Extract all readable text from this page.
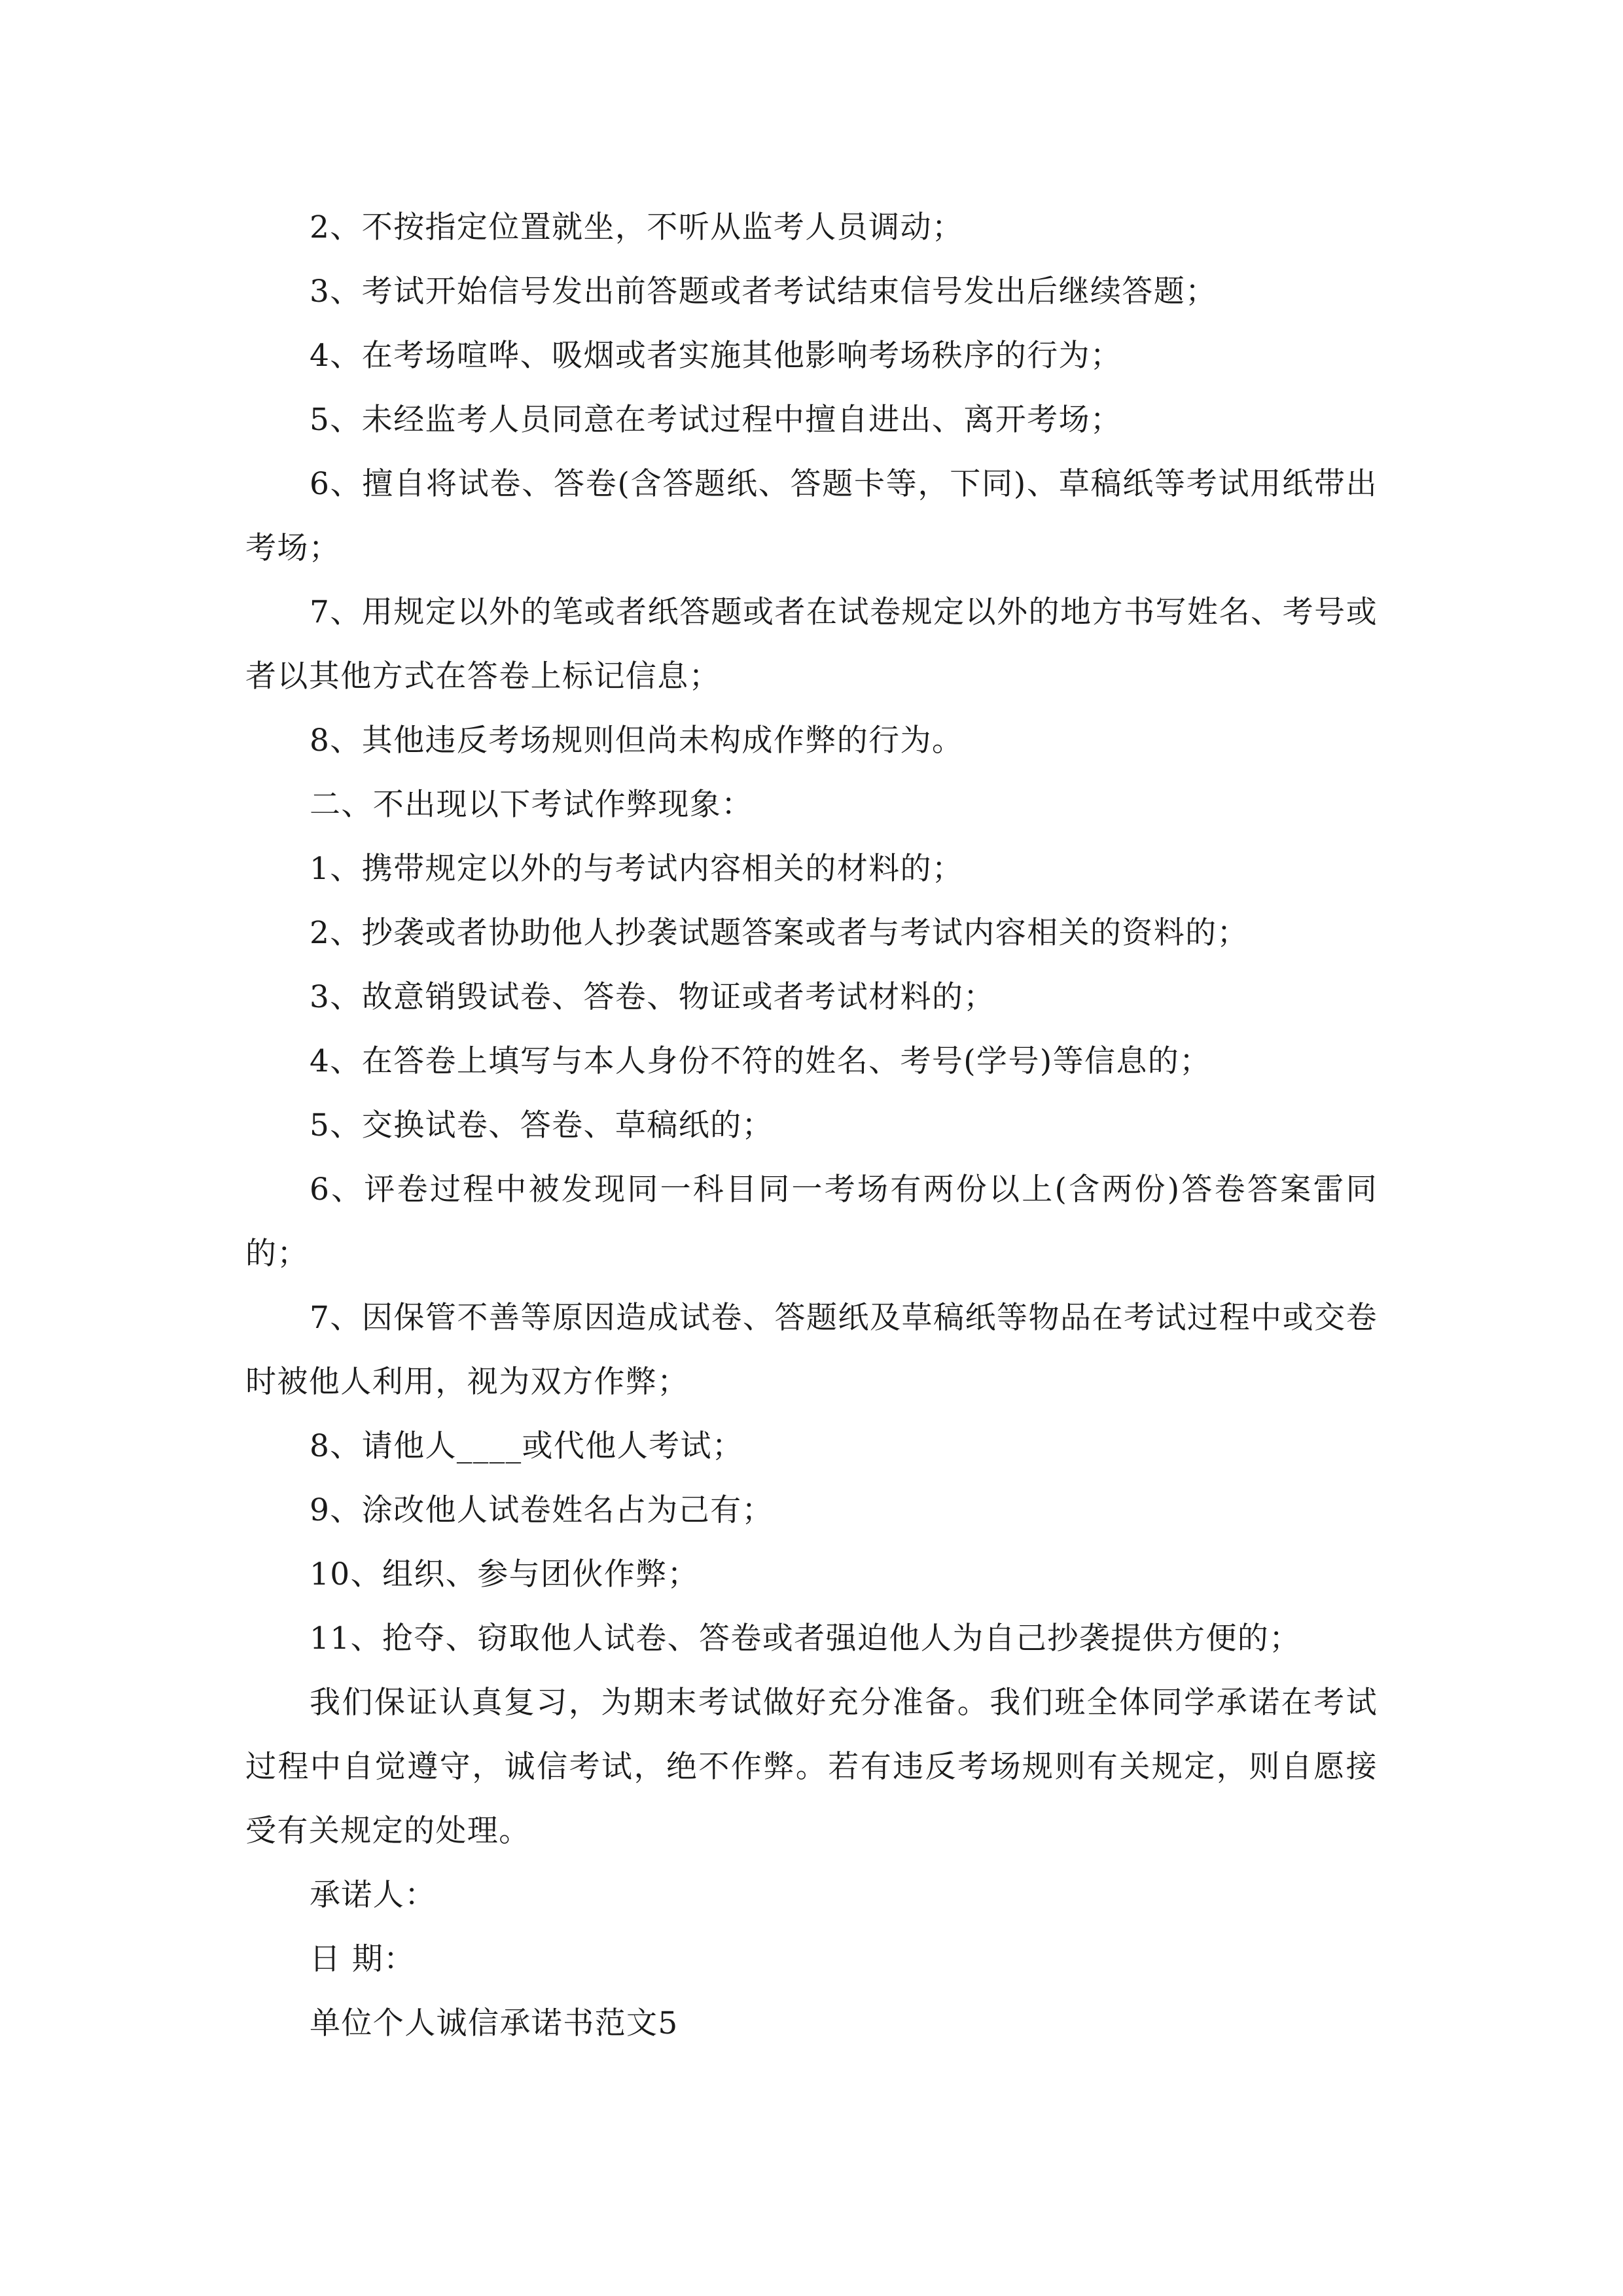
2、不按指定位置就坐，不听从监考人员调动；

3、考试开始信号发出前答题或者考试结束信号发出后继续答题；

4、在考场喧哗、吸烟或者实施其他影响考场秩序的行为；

5、未经监考人员同意在考试过程中擅自进出、离开考场；

6、擅自将试卷、答卷(含答题纸、答题卡等，下同)、草稿纸等考试用纸带出考场；

7、用规定以外的笔或者纸答题或者在试卷规定以外的地方书写姓名、考号或者以其他方式在答卷上标记信息；

8、其他违反考场规则但尚未构成作弊的行为。

二、不出现以下考试作弊现象：

1、携带规定以外的与考试内容相关的材料的；

2、抄袭或者协助他人抄袭试题答案或者与考试内容相关的资料的；

3、故意销毁试卷、答卷、物证或者考试材料的；

4、在答卷上填写与本人身份不符的姓名、考号(学号)等信息的；

5、交换试卷、答卷、草稿纸的；

6、评卷过程中被发现同一科目同一考场有两份以上(含两份)答卷答案雷同的；

7、因保管不善等原因造成试卷、答题纸及草稿纸等物品在考试过程中或交卷时被他人利用，视为双方作弊；

8、请他人____或代他人考试；

9、涂改他人试卷姓名占为己有；

10、组织、参与团伙作弊；

11、抢夺、窃取他人试卷、答卷或者强迫他人为自己抄袭提供方便的；

我们保证认真复习，为期末考试做好充分准备。我们班全体同学承诺在考试过程中自觉遵守，诚信考试，绝不作弊。若有违反考场规则有关规定，则自愿接受有关规定的处理。

承诺人：

日 期：

单位个人诚信承诺书范文5
